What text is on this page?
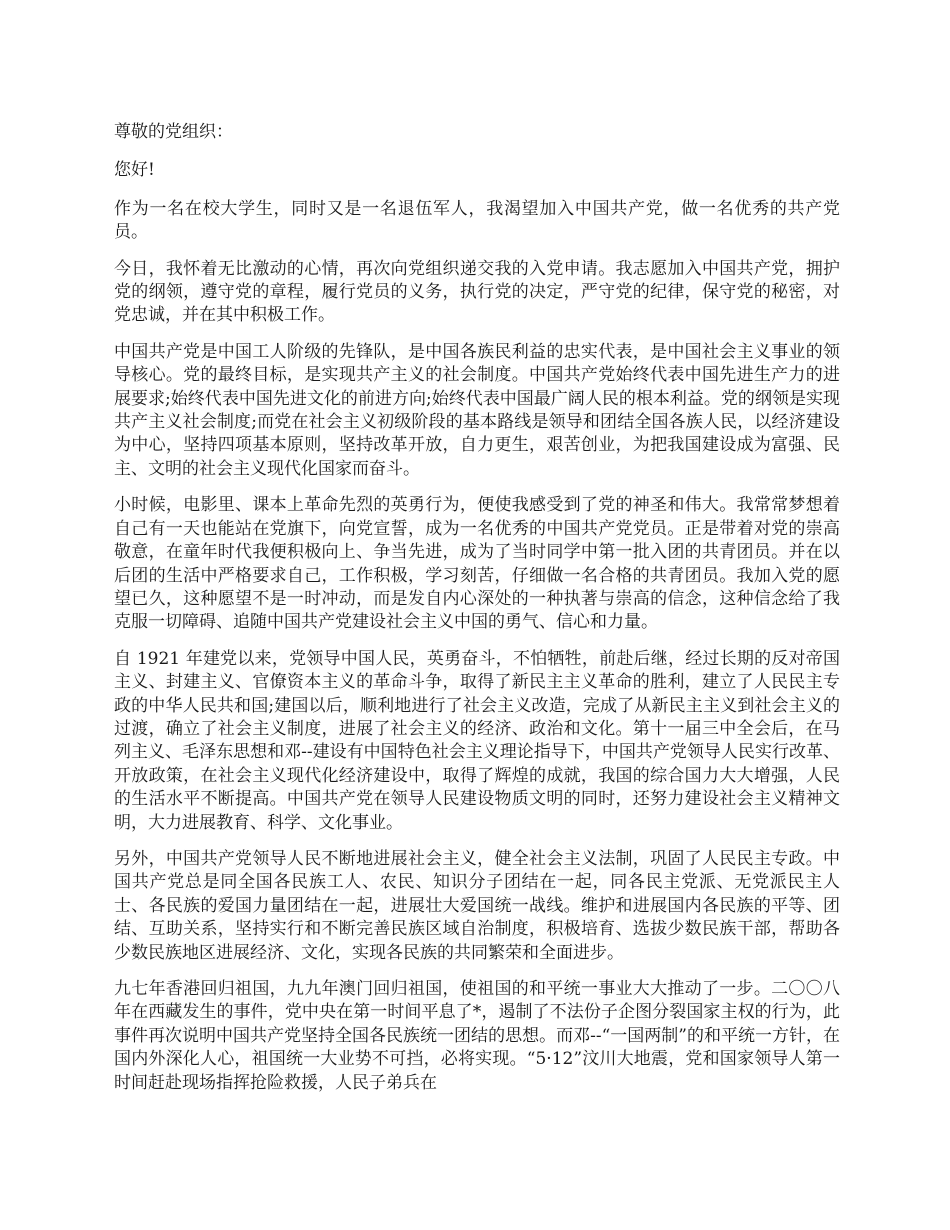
尊敬的党组织：

您好!

作为一名在校大学生，同时又是一名退伍军人，我渴望加入中国共产党，做一名优秀的共产党员。

今日，我怀着无比激动的心情，再次向党组织递交我的入党申请。我志愿加入中国共产党，拥护党的纲领，遵守党的章程，履行党员的义务，执行党的决定，严守党的纪律，保守党的秘密，对党忠诚，并在其中积极工作。

中国共产党是中国工人阶级的先锋队，是中国各族民利益的忠实代表，是中国社会主义事业的领导核心。党的最终目标，是实现共产主义的社会制度。中国共产党始终代表中国先进生产力的进展要求;始终代表中国先进文化的前进方向;始终代表中国最广阔人民的根本利益。党的纲领是实现共产主义社会制度;而党在社会主义初级阶段的基本路线是领导和团结全国各族人民，以经济建设为中心，坚持四项基本原则，坚持改革开放，自力更生，艰苦创业，为把我国建设成为富强、民主、文明的社会主义现代化国家而奋斗。

小时候，电影里、课本上革命先烈的英勇行为，便使我感受到了党的神圣和伟大。我常常梦想着自己有一天也能站在党旗下，向党宣誓，成为一名优秀的中国共产党党员。正是带着对党的崇高敬意，在童年时代我便积极向上、争当先进，成为了当时同学中第一批入团的共青团员。并在以后团的生活中严格要求自己，工作积极，学习刻苦，仔细做一名合格的共青团员。我加入党的愿望已久，这种愿望不是一时冲动，而是发自内心深处的一种执著与崇高的信念，这种信念给了我克服一切障碍、追随中国共产党建设社会主义中国的勇气、信心和力量。

自 1921 年建党以来，党领导中国人民，英勇奋斗，不怕牺牲，前赴后继，经过长期的反对帝国主义、封建主义、官僚资本主义的革命斗争，取得了新民主主义革命的胜利，建立了人民民主专政的中华人民共和国;建国以后，顺利地进行了社会主义改造，完成了从新民主主义到社会主义的过渡，确立了社会主义制度，进展了社会主义的经济、政治和文化。第十一届三中全会后，在马列主义、毛泽东思想和邓--建设有中国特色社会主义理论指导下，中国共产党领导人民实行改革、开放政策，在社会主义现代化经济建设中，取得了辉煌的成就，我国的综合国力大大增强，人民的生活水平不断提高。中国共产党在领导人民建设物质文明的同时，还努力建设社会主义精神文明，大力进展教育、科学、文化事业。

另外，中国共产党领导人民不断地进展社会主义，健全社会主义法制，巩固了人民民主专政。中国共产党总是同全国各民族工人、农民、知识分子团结在一起，同各民主党派、无党派民主人士、各民族的爱国力量团结在一起，进展壮大爱国统一战线。维护和进展国内各民族的平等、团结、互助关系，坚持实行和不断完善民族区域自治制度，积极培育、选拔少数民族干部，帮助各少数民族地区进展经济、文化，实现各民族的共同繁荣和全面进步。

九七年香港回归祖国，九九年澳门回归祖国，使祖国的和平统一事业大大推动了一步。二〇〇八年在西藏发生的事件，党中央在第一时间平息了*，遏制了不法份子企图分裂国家主权的行为，此事件再次说明中国共产党坚持全国各民族统一团结的思想。而邓--“一国两制”的和平统一方针，在国内外深化人心，祖国统一大业势不可挡，必将实现。“5·12”汶川大地震，党和国家领导人第一时间赶赴现场指挥抢险救援，人民子弟兵在
